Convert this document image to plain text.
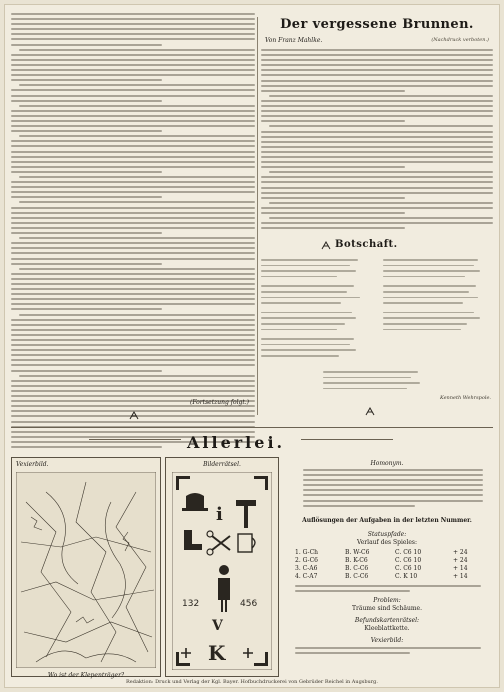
(Fortsetzung folgt.)
Der vergessene Brunnen.
Von Franz Mahlke.	(Nachdruck verboten.)
Botschaft.
Kenneth Wehrspole.
Allerlei.
Vexierbild.
Wo ist der Klepenträger?
Bilderrätsel.
i
132	456
V
K
Homonym.
Auflösungen der Aufgaben in der letzten Nummer.
Statuspfade:
Verlauf des Spieles:
1. G-Ch	B. W-C6	C. C6 10	+ 24
2. G-C6	B. K-C6	C. C6 10	+ 24
3. C-A6	B. C-C6	C. C6 10	+ 14
4. C-A7	B. C-C6	C. K 10	+ 14
Problem:
Träume sind Schäume.
Befundskartenrätsel:
Kleeblattkette.
Vexierbild:
Redaktion: Druck und Verlag der Kgl. Bayer. Hofbuchdruckerei von Gebrüder Reichel in Augsburg.
